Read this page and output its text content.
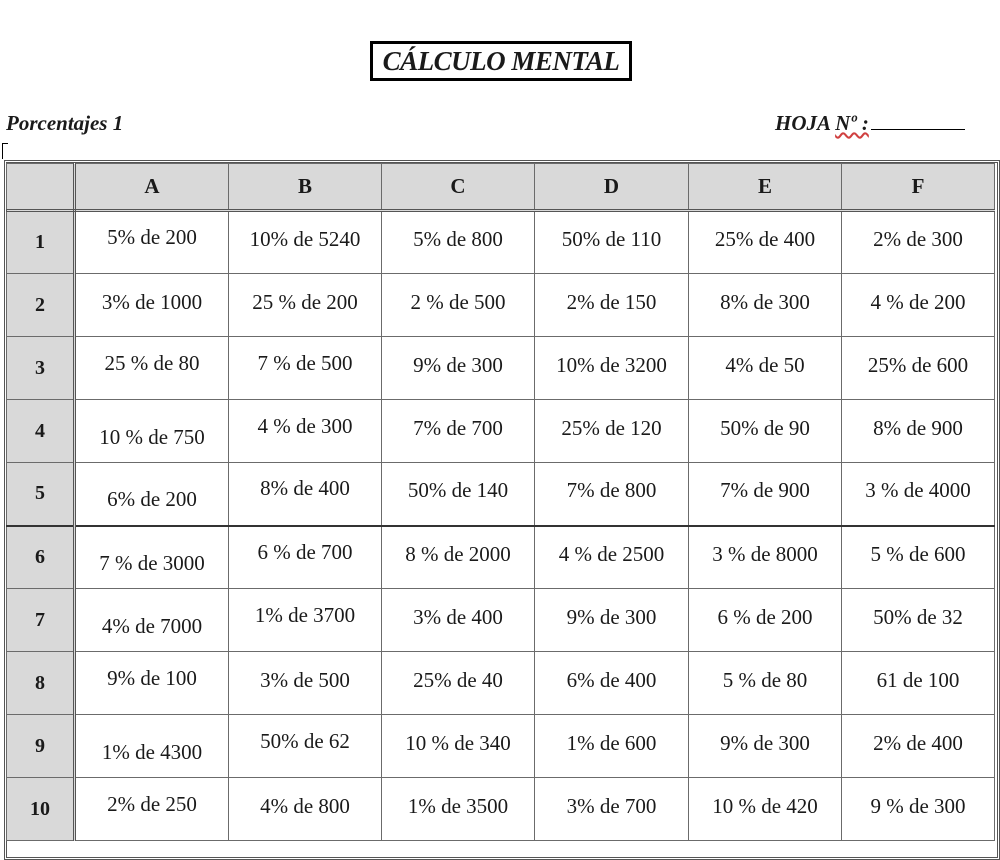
CÁLCULO MENTAL
Porcentajes 1	HOJA Nº :
	A	B	C	D	E	F
1	5% de 200	10% de 5240	5% de 800	50% de 110	25% de 400	2% de 300
2	3% de 1000	25 % de 200	2 % de 500	2% de 150	8% de 300	4 % de 200
3	25 % de 80	7 % de 500	9% de 300	10% de 3200	4% de 50	25% de 600
4	10 % de 750	4 % de 300	7% de 700	25% de 120	50% de 90	8% de 900
5	6% de 200	8% de 400	50% de 140	7% de 800	7% de 900	3 % de 4000
6	7 % de 3000	6 % de 700	8 % de 2000	4 % de 2500	3 % de 8000	5 % de 600
7	4% de 7000	1% de 3700	3% de 400	9% de 300	6 % de 200	50% de 32
8	9% de 100	3% de 500	25% de 40	6% de 400	5 % de 80	61 de 100
9	1% de 4300	50% de 62	10 % de 340	1% de 600	9% de 300	2% de 400
10	2% de 250	4% de 800	1% de 3500	3% de 700	10 % de 420	9 % de 300
